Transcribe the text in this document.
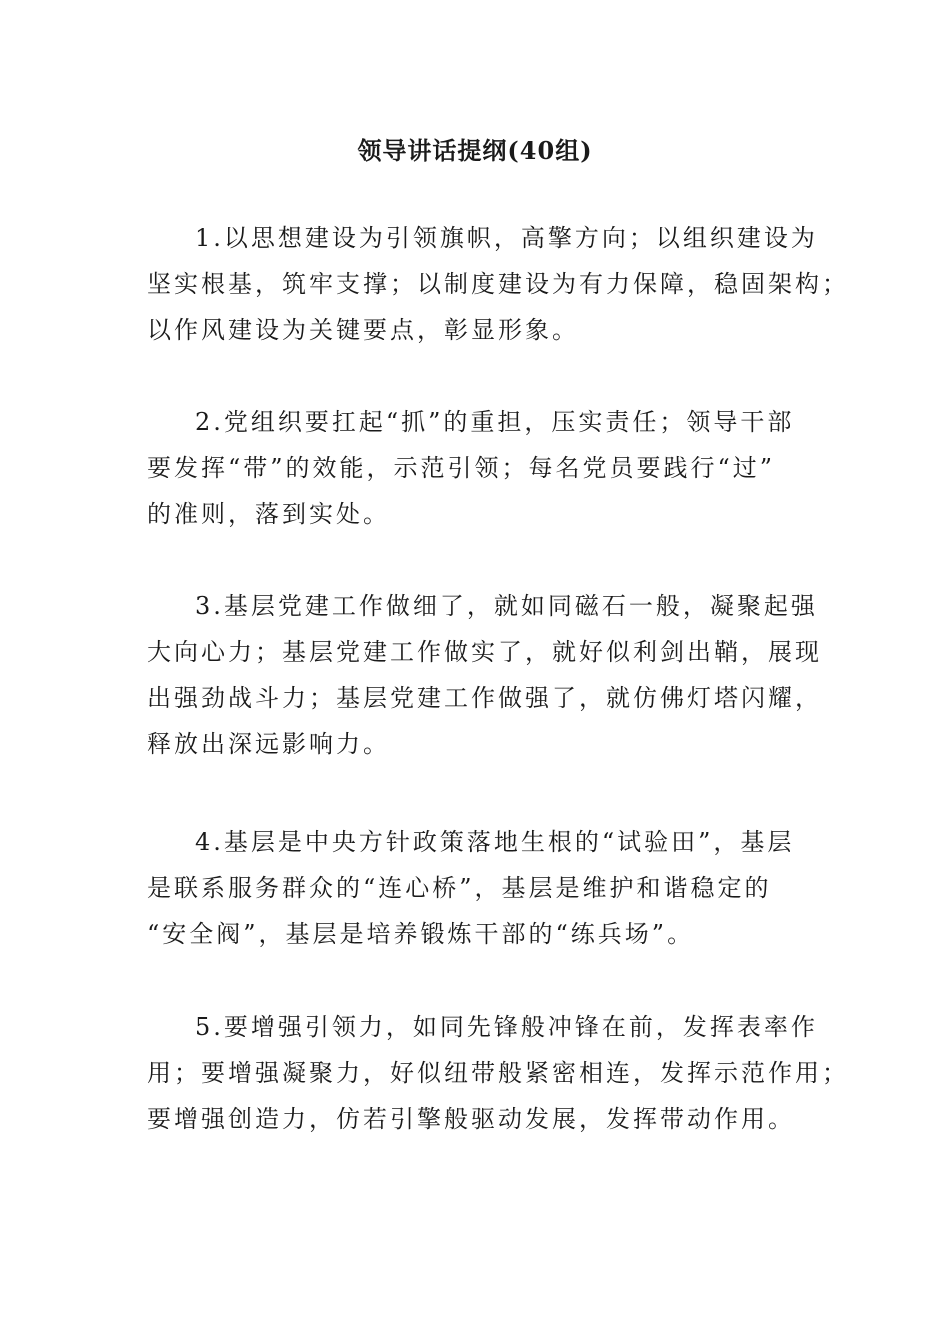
领导讲话提纲(40组)
1.以思想建设为引领旗帜，高擎方向；以组织建设为
坚实根基，筑牢支撑；以制度建设为有力保障，稳固架构；
以作风建设为关键要点，彰显形象。
2.党组织要扛起“抓”的重担，压实责任；领导干部
要发挥“带”的效能，示范引领；每名党员要践行“过”
的准则，落到实处。
3.基层党建工作做细了，就如同磁石一般，凝聚起强
大向心力；基层党建工作做实了，就好似利剑出鞘，展现
出强劲战斗力；基层党建工作做强了，就仿佛灯塔闪耀，
释放出深远影响力。
4.基层是中央方针政策落地生根的“试验田”，基层
是联系服务群众的“连心桥”，基层是维护和谐稳定的
“安全阀”，基层是培养锻炼干部的“练兵场”。
5.要增强引领力，如同先锋般冲锋在前，发挥表率作
用；要增强凝聚力，好似纽带般紧密相连，发挥示范作用；
要增强创造力，仿若引擎般驱动发展，发挥带动作用。
